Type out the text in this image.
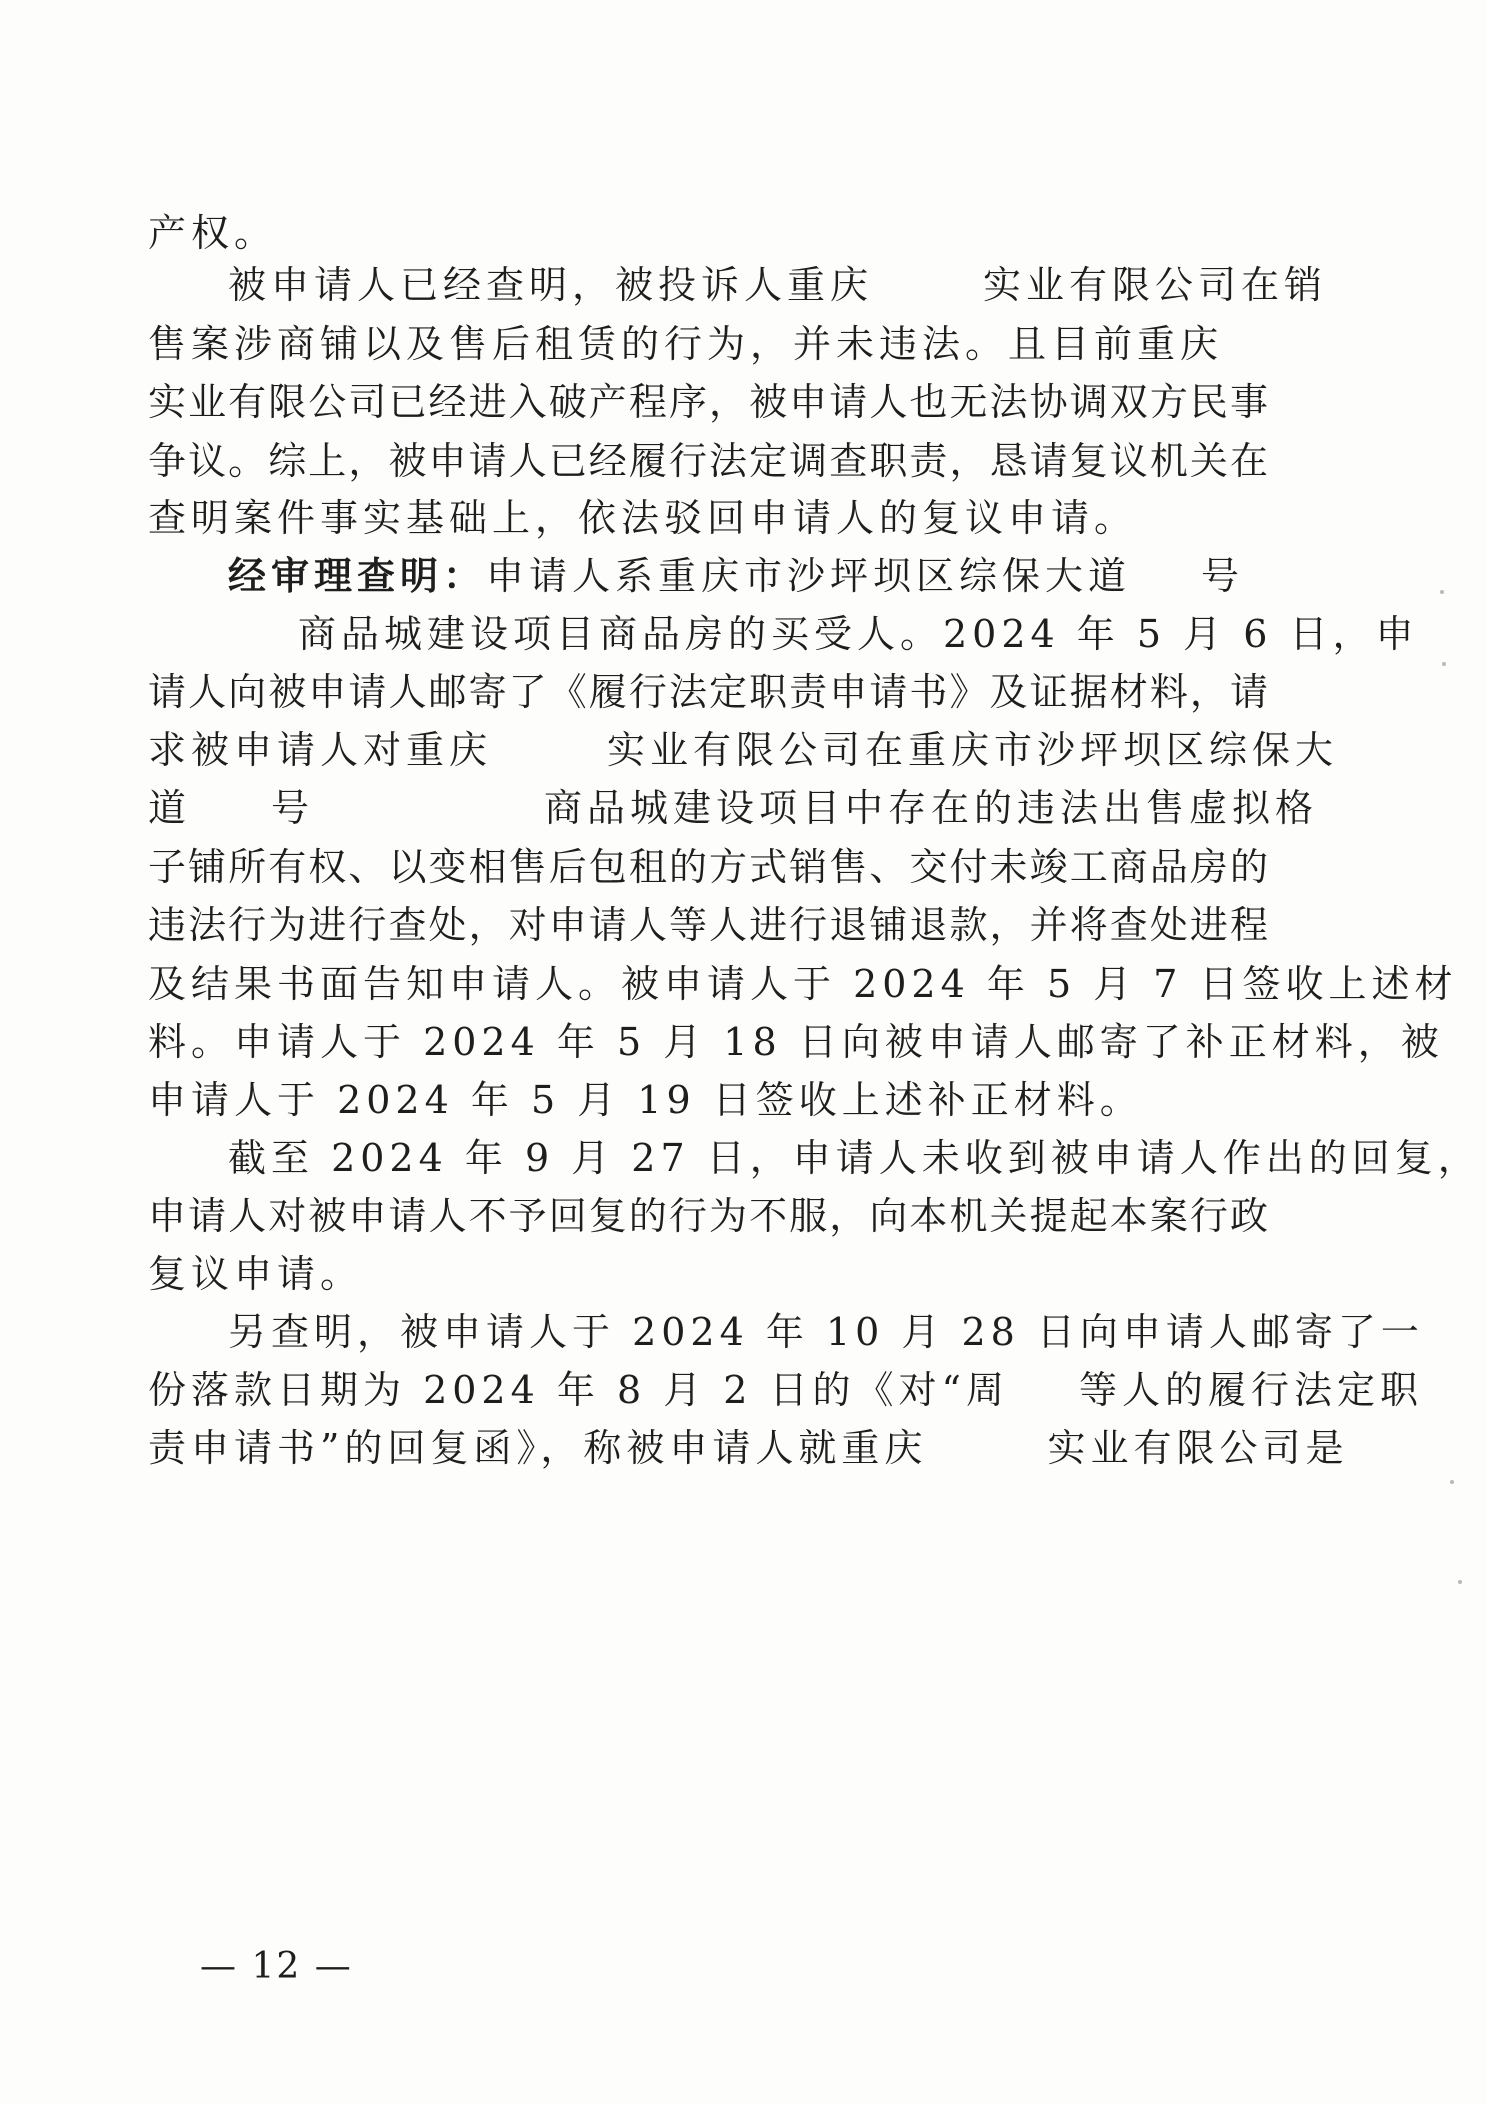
产权。
被申请人已经查明，被投诉人重庆	实业有限公司在销
售案涉商铺以及售后租赁的行为，并未违法。且目前重庆
实业有限公司已经进入破产程序，被申请人也无法协调双方民事
争议。综上，被申请人已经履行法定调查职责，恳请复议机关在
查明案件事实基础上，依法驳回申请人的复议申请。
经审理查明：申请人系重庆市沙坪坝区综保大道 号
商品城建设项目商品房的买受人。2024 年 5 月 6 日，申
请人向被申请人邮寄了《履行法定职责申请书》及证据材料，请
求被申请人对重庆	实业有限公司在重庆市沙坪坝区综保大
道 号	商品城建设项目中存在的违法出售虚拟格
子铺所有权、以变相售后包租的方式销售、交付未竣工商品房的
违法行为进行查处，对申请人等人进行退铺退款，并将查处进程
及结果书面告知申请人。被申请人于 2024 年 5 月 7 日签收上述材
料。申请人于 2024 年 5 月 18 日向被申请人邮寄了补正材料，被
申请人于 2024 年 5 月 19 日签收上述补正材料。
截至 2024 年 9 月 27 日，申请人未收到被申请人作出的回复，
申请人对被申请人不予回复的行为不服，向本机关提起本案行政
复议申请。
另查明，被申请人于 2024 年 10 月 28 日向申请人邮寄了一
份落款日期为 2024 年 8 月 2 日的《对“周 等人的履行法定职
责申请书”的回复函》，称被申请人就重庆	实业有限公司是
— 12 —
